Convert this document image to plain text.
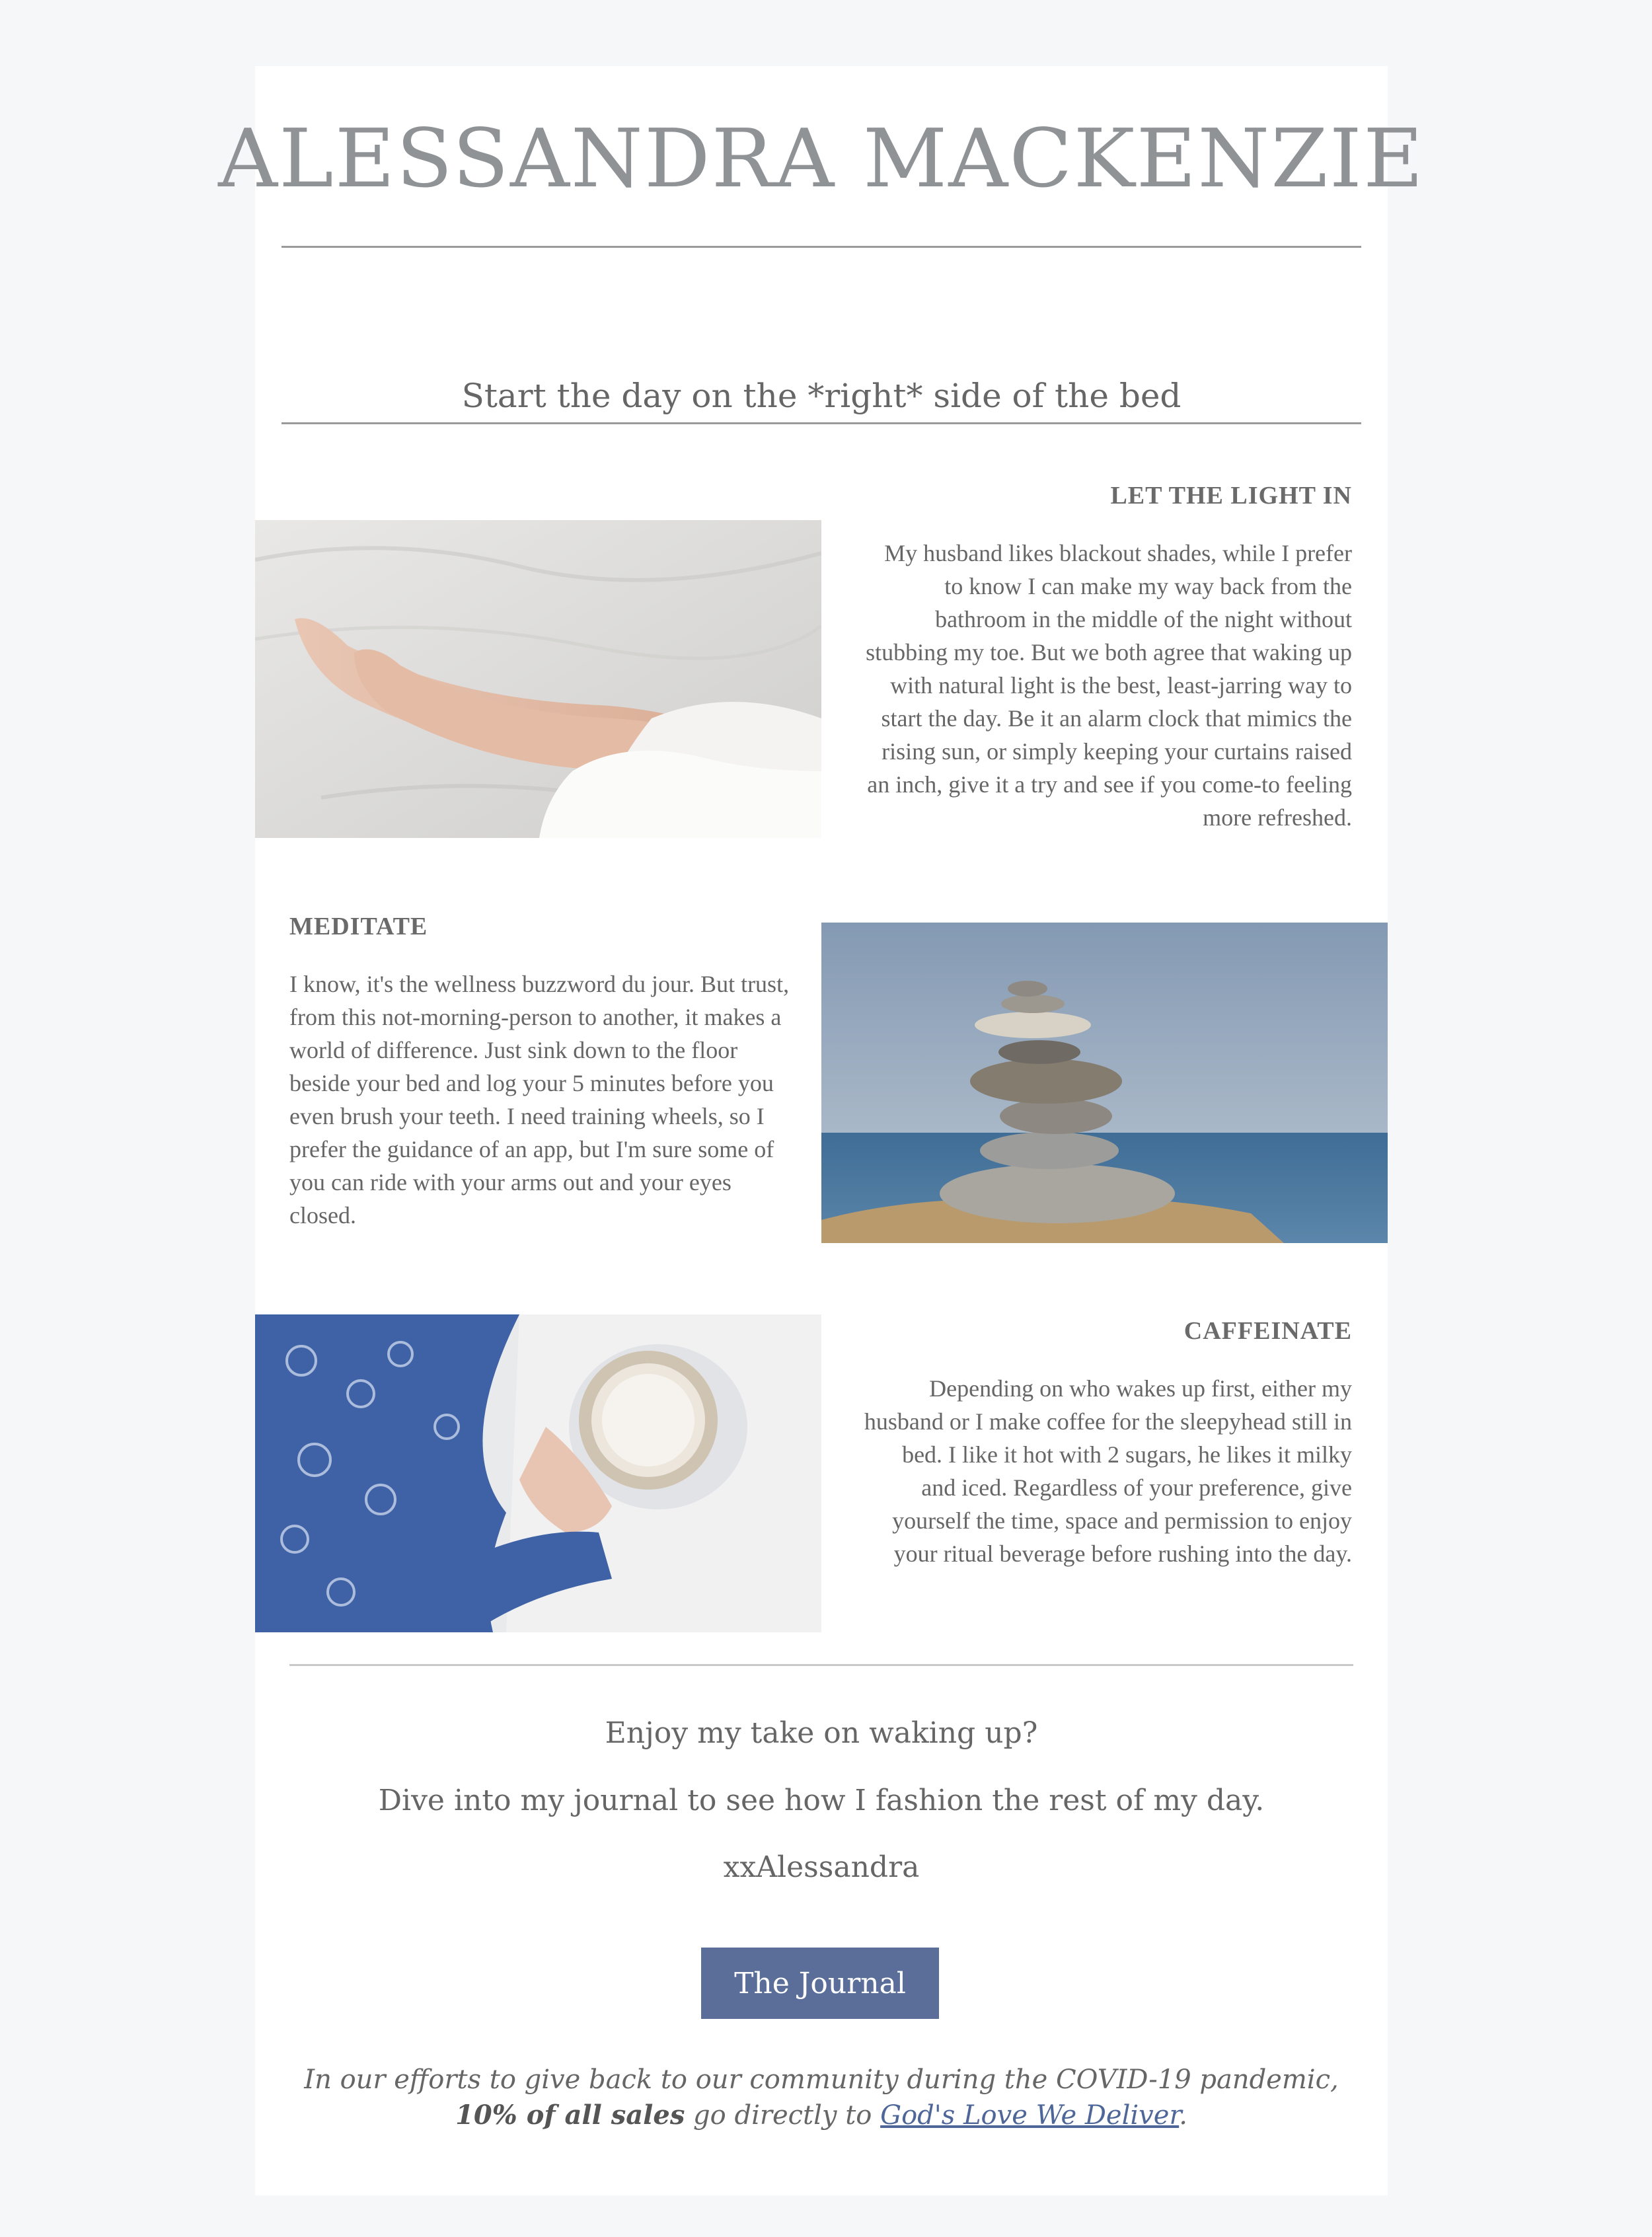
ALESSANDRA MACKENZIE
Start the day on the *right* side of the bed
LET THE LIGHT IN
My husband likes blackout shades, while I prefer to know I can make my way back from the bathroom in the middle of the night without stubbing my toe. But we both agree that waking up with natural light is the best, least-jarring way to start the day. Be it an alarm clock that mimics the rising sun, or simply keeping your curtains raised an inch, give it a try and see if you come-to feeling more refreshed.
MEDITATE
I know, it's the wellness buzzword du jour. But trust, from this not-morning-person to another, it makes a world of difference. Just sink down to the floor beside your bed and log your 5 minutes before you even brush your teeth. I need training wheels, so I prefer the guidance of an app, but I'm sure some of you can ride with your arms out and your eyes closed.
CAFFEINATE
Depending on who wakes up first, either my husband or I make coffee for the sleepyhead still in bed. I like it hot with 2 sugars, he likes it milky and iced. Regardless of your preference, give yourself the time, space and permission to enjoy your ritual beverage before rushing into the day.
Enjoy my take on waking up?
Dive into my journal to see how I fashion the rest of my day.
xxAlessandra
The Journal
In our efforts to give back to our community during the COVID-19 pandemic, 10% of all sales go directly to God's Love We Deliver.
